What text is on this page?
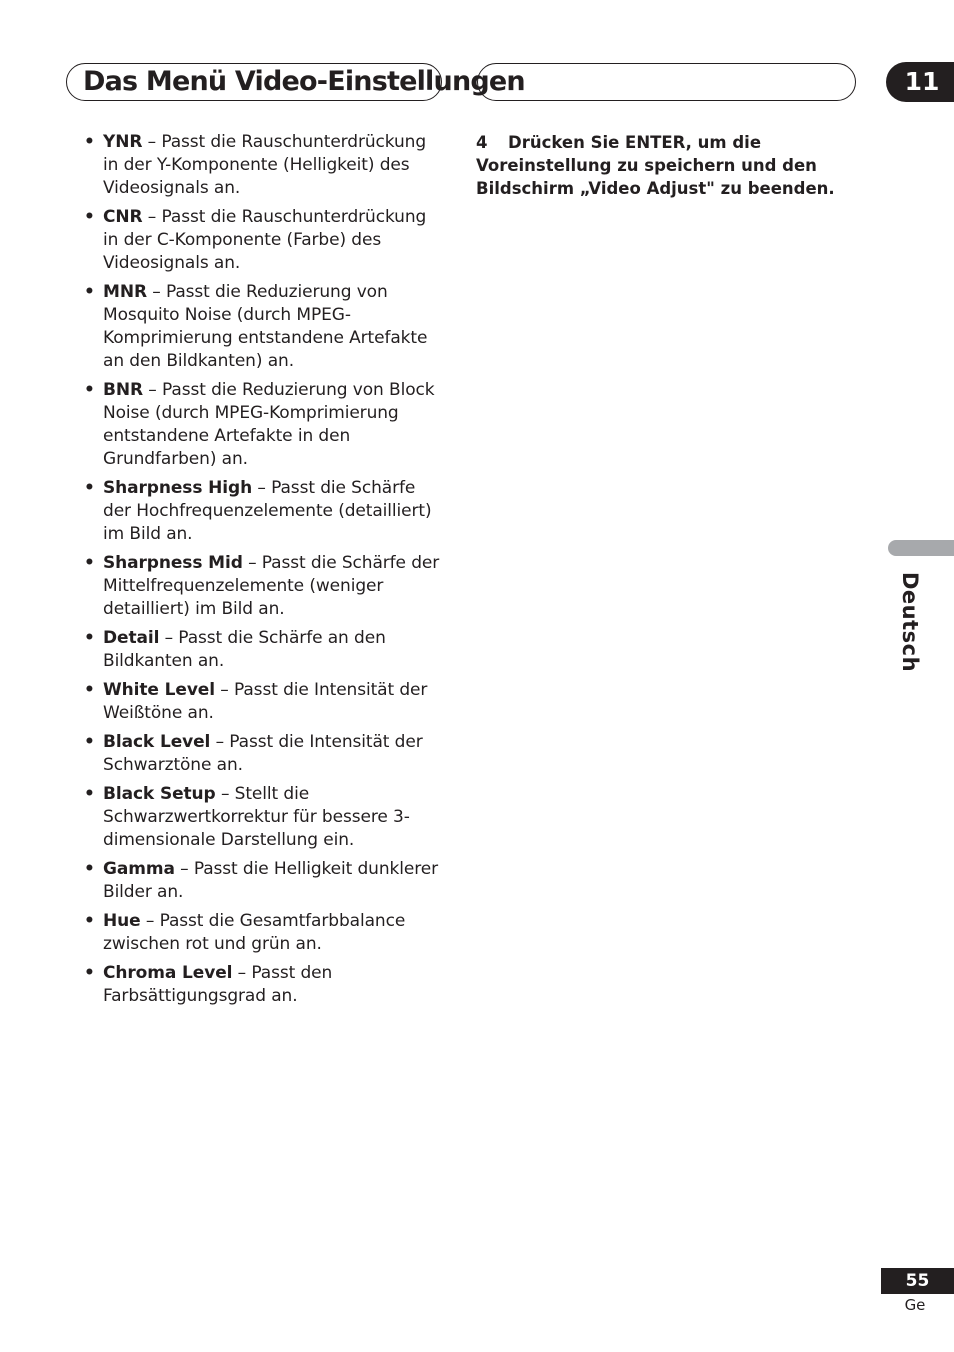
Das Menü Video-Einstellungen	11
Deutsch
• YNR – Passt die Rauschunterdrückung in der Y-Komponente (Helligkeit) des Videosignals an.
• CNR – Passt die Rauschunterdrückung in der C-Komponente (Farbe) des Videosignals an.
• MNR – Passt die Reduzierung von Mosquito Noise (durch MPEG-Komprimierung entstandene Artefakte an den Bildkanten) an.
• BNR – Passt die Reduzierung von Block Noise (durch MPEG-Komprimierung entstandene Artefakte in den Grundfarben) an.
• Sharpness High – Passt die Schärfe der Hochfrequenzelemente (detailliert) im Bild an.
• Sharpness Mid – Passt die Schärfe der Mittelfrequenzelemente (weniger detailliert) im Bild an.
• Detail – Passt die Schärfe an den Bildkanten an.
• White Level – Passt die Intensität der Weißtöne an.
• Black Level – Passt die Intensität der Schwarztöne an.
• Black Setup – Stellt die Schwarzwertkorrektur für bessere 3-dimensionale Darstellung ein.
• Gamma – Passt die Helligkeit dunklerer Bilder an.
• Hue – Passt die Gesamtfarbbalance zwischen rot und grün an.
• Chroma Level – Passt den Farbsättigungsgrad an.
4 Drücken Sie ENTER, um die Voreinstellung zu speichern und den Bildschirm „Video Adjust" zu beenden.
55
Ge
